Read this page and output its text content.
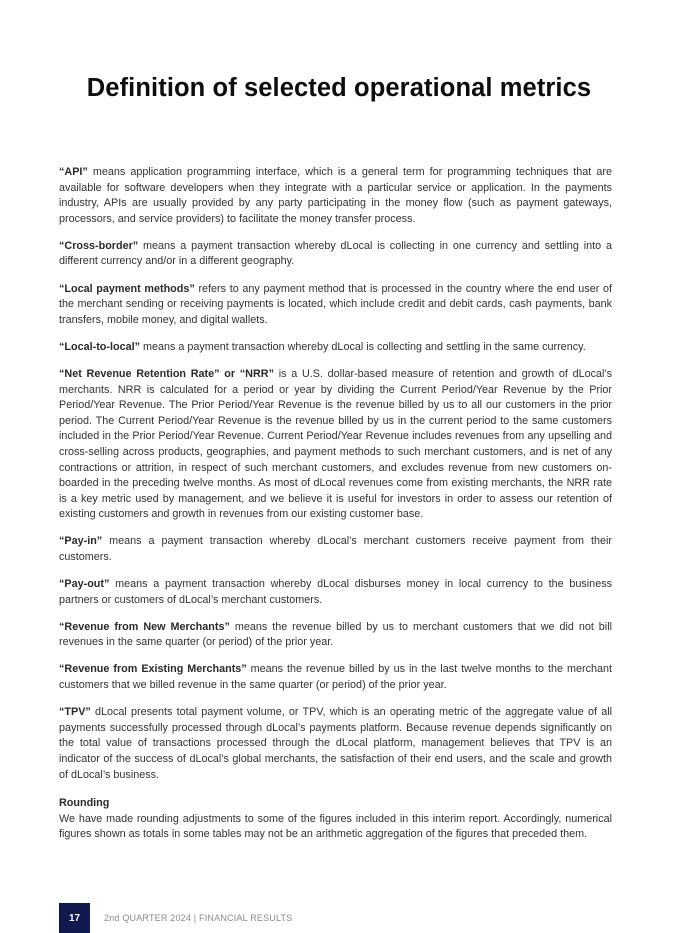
Definition of selected operational metrics

“API” means application programming interface, which is a general term for programming techniques that are available for software developers when they integrate with a particular service or application. In the payments industry, APIs are usually provided by any party participating in the money flow (such as payment gateways, processors, and service providers) to facilitate the money transfer process.

“Cross-border” means a payment transaction whereby dLocal is collecting in one currency and settling into a different currency and/or in a different geography.

“Local payment methods” refers to any payment method that is processed in the country where the end user of the merchant sending or receiving payments is located, which include credit and debit cards, cash payments, bank transfers, mobile money, and digital wallets.

“Local-to-local” means a payment transaction whereby dLocal is collecting and settling in the same currency.

“Net Revenue Retention Rate” or “NRR” is a U.S. dollar-based measure of retention and growth of dLocal’s merchants. NRR is calculated for a period or year by dividing the Current Period/Year Revenue by the Prior Period/Year Revenue. The Prior Period/Year Revenue is the revenue billed by us to all our customers in the prior period. The Current Period/Year Revenue is the revenue billed by us in the current period to the same customers included in the Prior Period/Year Revenue. Current Period/Year Revenue includes revenues from any upselling and cross-selling across products, geographies, and payment methods to such merchant customers, and is net of any contractions or attrition, in respect of such merchant customers, and excludes revenue from new customers on-boarded in the preceding twelve months. As most of dLocal revenues come from existing merchants, the NRR rate is a key metric used by management, and we believe it is useful for investors in order to assess our retention of existing customers and growth in revenues from our existing customer base.

“Pay-in” means a payment transaction whereby dLocal’s merchant customers receive payment from their customers.

“Pay-out” means a payment transaction whereby dLocal disburses money in local currency to the business partners or customers of dLocal’s merchant customers.

“Revenue from New Merchants” means the revenue billed by us to merchant customers that we did not bill revenues in the same quarter (or period) of the prior year.

“Revenue from Existing Merchants” means the revenue billed by us in the last twelve months to the merchant customers that we billed revenue in the same quarter (or period) of the prior year.

“TPV” dLocal presents total payment volume, or TPV, which is an operating metric of the aggregate value of all payments successfully processed through dLocal’s payments platform. Because revenue depends significantly on the total value of transactions processed through the dLocal platform, management believes that TPV is an indicator of the success of dLocal’s global merchants, the satisfaction of their end users, and the scale and growth of dLocal’s business.

Rounding

We have made rounding adjustments to some of the figures included in this interim report. Accordingly, numerical figures shown as totals in some tables may not be an arithmetic aggregation of the figures that preceded them.

17	2nd QUARTER 2024 | FINANCIAL RESULTS
